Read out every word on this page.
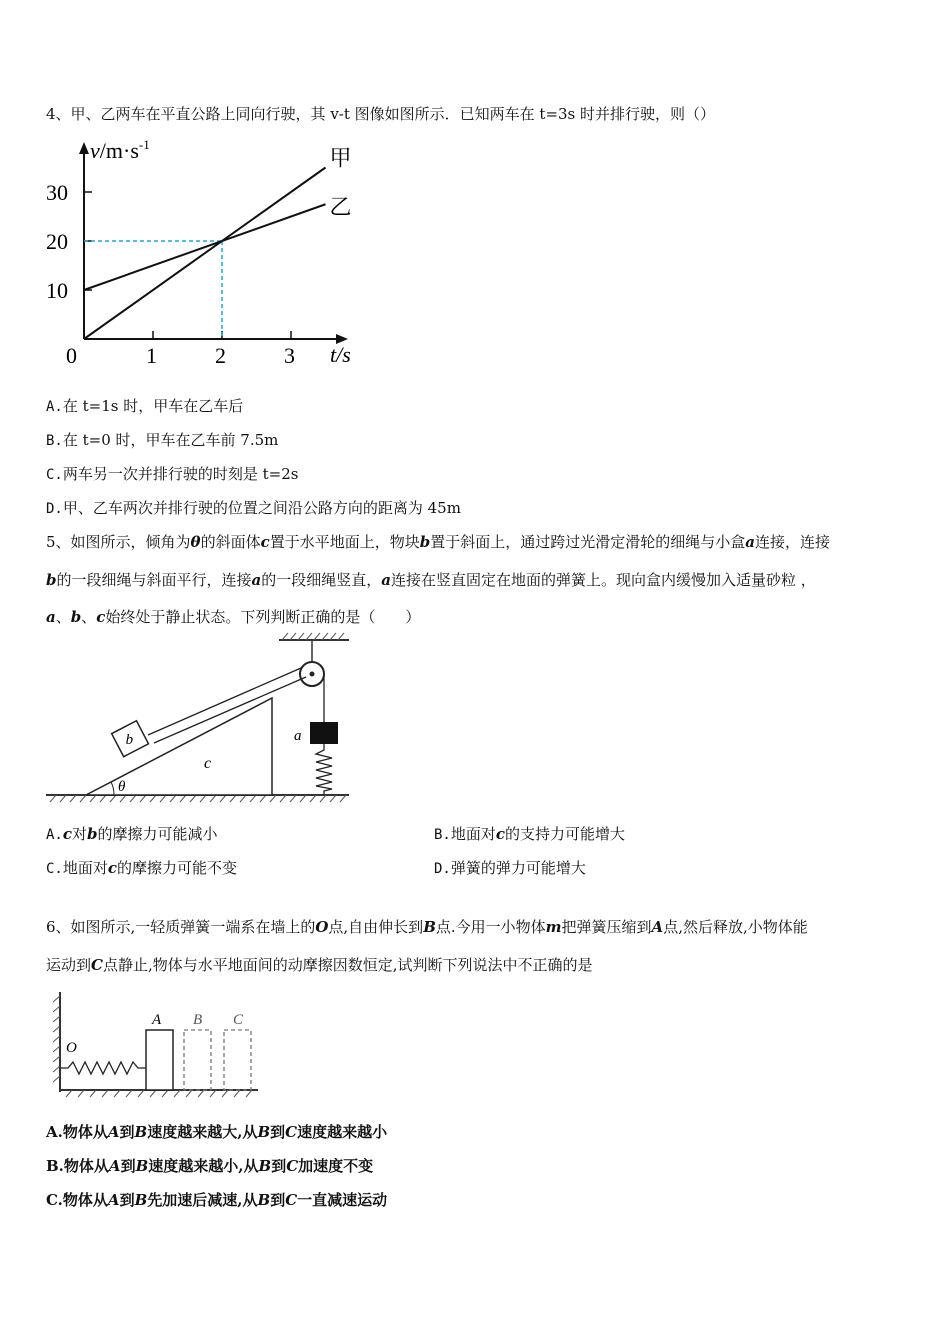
4、甲、乙两车在平直公路上同向行驶，其 v-t 图像如图所示．已知两车在 t=3s 时并排行驶，则（）
0	1	2	3
10
20
30
甲
乙
$v/m\cdot s^{-1}$
t/s
A.在 t=1s 时，甲车在乙车后
B.在 t=0 时，甲车在乙车前 7.5m
C.两车另一次并排行驶的时刻是 t=2s
D.甲、乙车两次并排行驶的位置之间沿公路方向的距离为 45m
5、如图所示，倾角为θ的斜面体c置于水平地面上，物块b置于斜面上，通过跨过光滑定滑轮的细绳与小盒a连接，连接
b的一段细绳与斜面平行，连接a的一段细绳竖直，a连接在竖直固定在地面的弹簧上。现向盒内缓慢加入适量砂粒 ，
a、b、c始终处于静止状态。下列判断正确的是（　　）
θ
c
b	a
A.c对b的摩擦力可能减小	B.地面对c的支持力可能增大
C.地面对c的摩擦力可能不变	D.弹簧的弹力可能增大
6、如图所示,一轻质弹簧一端系在墙上的O点,自由伸长到B点.今用一小物体m把弹簧压缩到A点,然后释放,小物体能
运动到C点静止,物体与水平地面间的动摩擦因数恒定,试判断下列说法中不正确的是
O
A B C
A.物体从A到B速度越来越大,从B到C速度越来越小
B.物体从A到B速度越来越小,从B到C加速度不变
C.物体从A到B先加速后减速,从B到C一直减速运动
